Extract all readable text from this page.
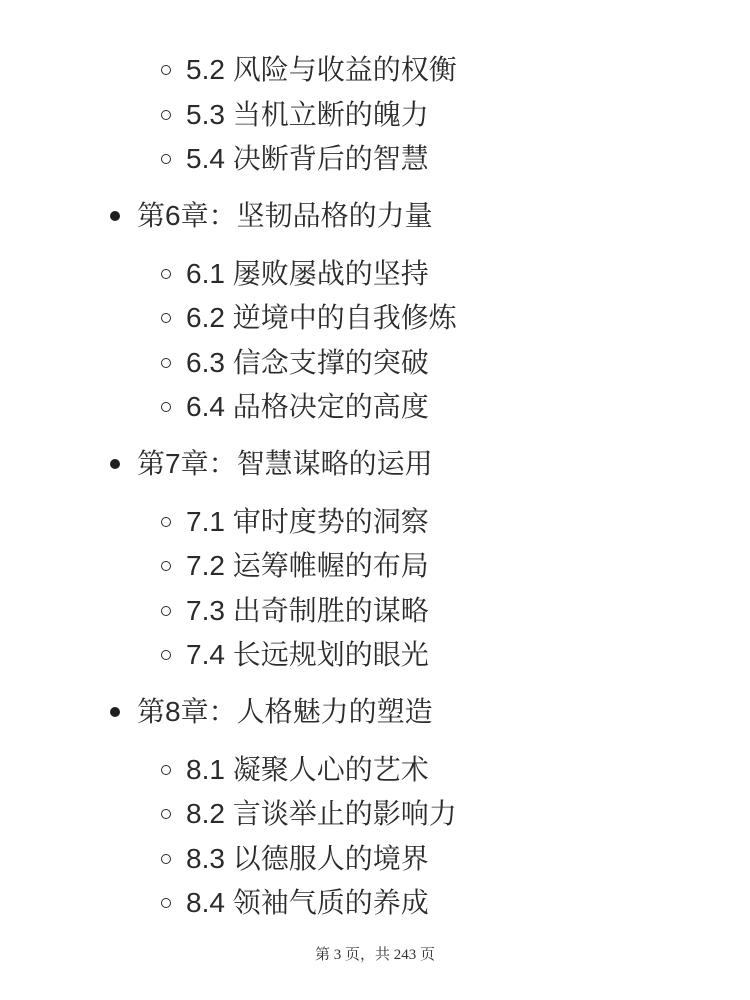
5.2 风险与收益的权衡
5.3 当机立断的魄力
5.4 决断背后的智慧
第6章：坚韧品格的力量
6.1 屡败屡战的坚持
6.2 逆境中的自我修炼
6.3 信念支撑的突破
6.4 品格决定的高度
第7章：智慧谋略的运用
7.1 审时度势的洞察
7.2 运筹帷幄的布局
7.3 出奇制胜的谋略
7.4 长远规划的眼光
第8章：人格魅力的塑造
8.1 凝聚人心的艺术
8.2 言谈举止的影响力
8.3 以德服人的境界
8.4 领袖气质的养成
第 3 页，共 243 页
